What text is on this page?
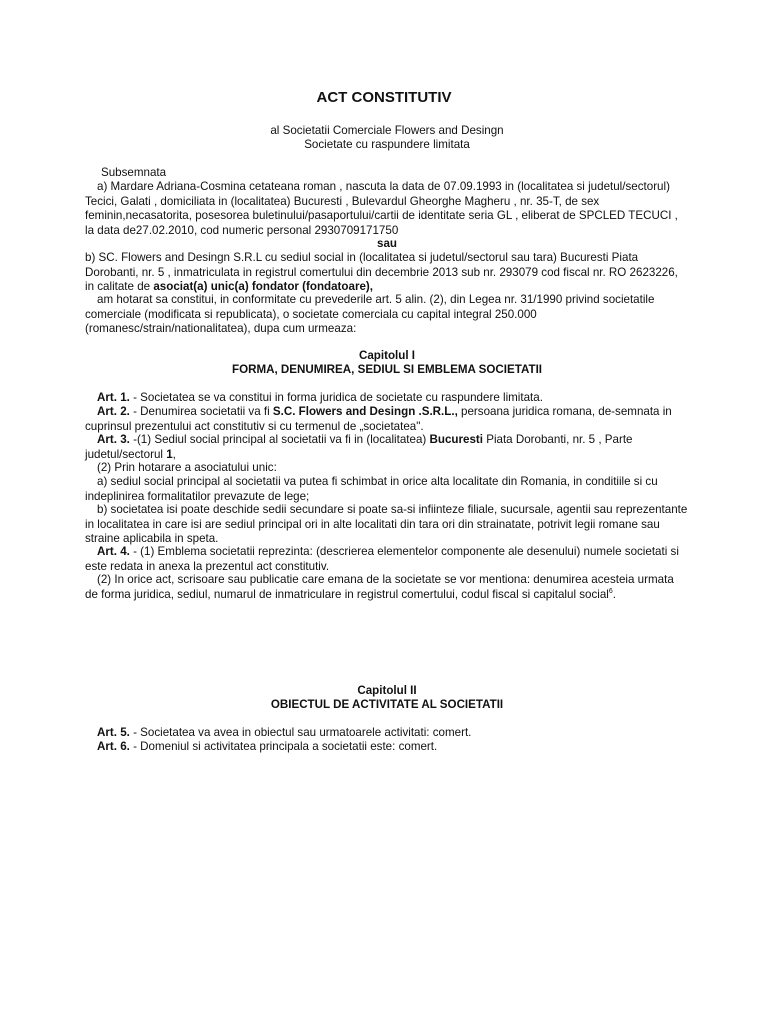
ACT CONSTITUTIV

al Societatii Comerciale Flowers and Desingn

Societate cu raspundere limitata

Subsemnata

a) Mardare Adriana-Cosmina cetateana roman , nascuta la data de 07.09.1993 in (localitatea si judetul/sectorul) Tecici, Galati , domiciliata in (localitatea) Bucuresti , Bulevardul Gheorghe Magheru , nr. 35-T, de sex feminin,necasatorita, posesorea buletinului/pasaportului/cartii de identitate seria GL , eliberat de SPCLED TECUCI , la data de27.02.2010, cod numeric personal 2930709171750

sau

b) SC. Flowers and Desingn S.R.L cu sediul social in (localitatea si judetul/sectorul sau tara) Bucuresti Piata Dorobanti, nr. 5 , inmatriculata in registrul comertului din decembrie 2013 sub nr. 293079 cod fiscal nr. RO 2623226, in calitate de asociat(a) unic(a) fondator (fondatoare),

am hotarat sa constitui, in conformitate cu prevederile art. 5 alin. (2), din Legea nr. 31/1990 privind societatile comerciale (modificata si republicata), o societate comerciala cu capital integral 250.000 (romanesc/strain/nationalitatea), dupa cum urmeaza:

Capitolul I

FORMA, DENUMIREA, SEDIUL SI EMBLEMA SOCIETATII

Art. 1. - Societatea se va constitui in forma juridica de societate cu raspundere limitata.

Art. 2. - Denumirea societatii va fi S.C. Flowers and Desingn .S.R.L., persoana juridica romana, de-semnata in cuprinsul prezentului act constitutiv si cu termenul de „societatea".

Art. 3. -(1) Sediul social principal al societatii va fi in (localitatea) Bucuresti Piata Dorobanti, nr. 5 , Parte judetul/sectorul 1,

(2) Prin hotarare a asociatului unic:

a) sediul social principal al societatii va putea fi schimbat in orice alta localitate din Romania, in conditiile si cu indeplinirea formalitatilor prevazute de lege;

b) societatea isi poate deschide sedii secundare si poate sa-si infiinteze filiale, sucursale, agentii sau reprezentante in localitatea in care isi are sediul principal ori in alte localitati din tara ori din strainatate, potrivit legii romane sau straine aplicabila in speta.

Art. 4. - (1) Emblema societatii reprezinta: (descrierea elementelor componente ale desenului) numele societati si este redata in anexa la prezentul act constitutiv.

(2) In orice act, scrisoare sau publicatie care emana de la societate se vor mentiona: denumirea acesteia urmata de forma juridica, sediul, numarul de inmatriculare in registrul comertului, codul fiscal si capitalul social$^6$.

Capitolul II

OBIECTUL DE ACTIVITATE AL SOCIETATII

Art. 5. - Societatea va avea in obiectul sau urmatoarele activitati: comert.

Art. 6. - Domeniul si activitatea principala a societatii este: comert.
